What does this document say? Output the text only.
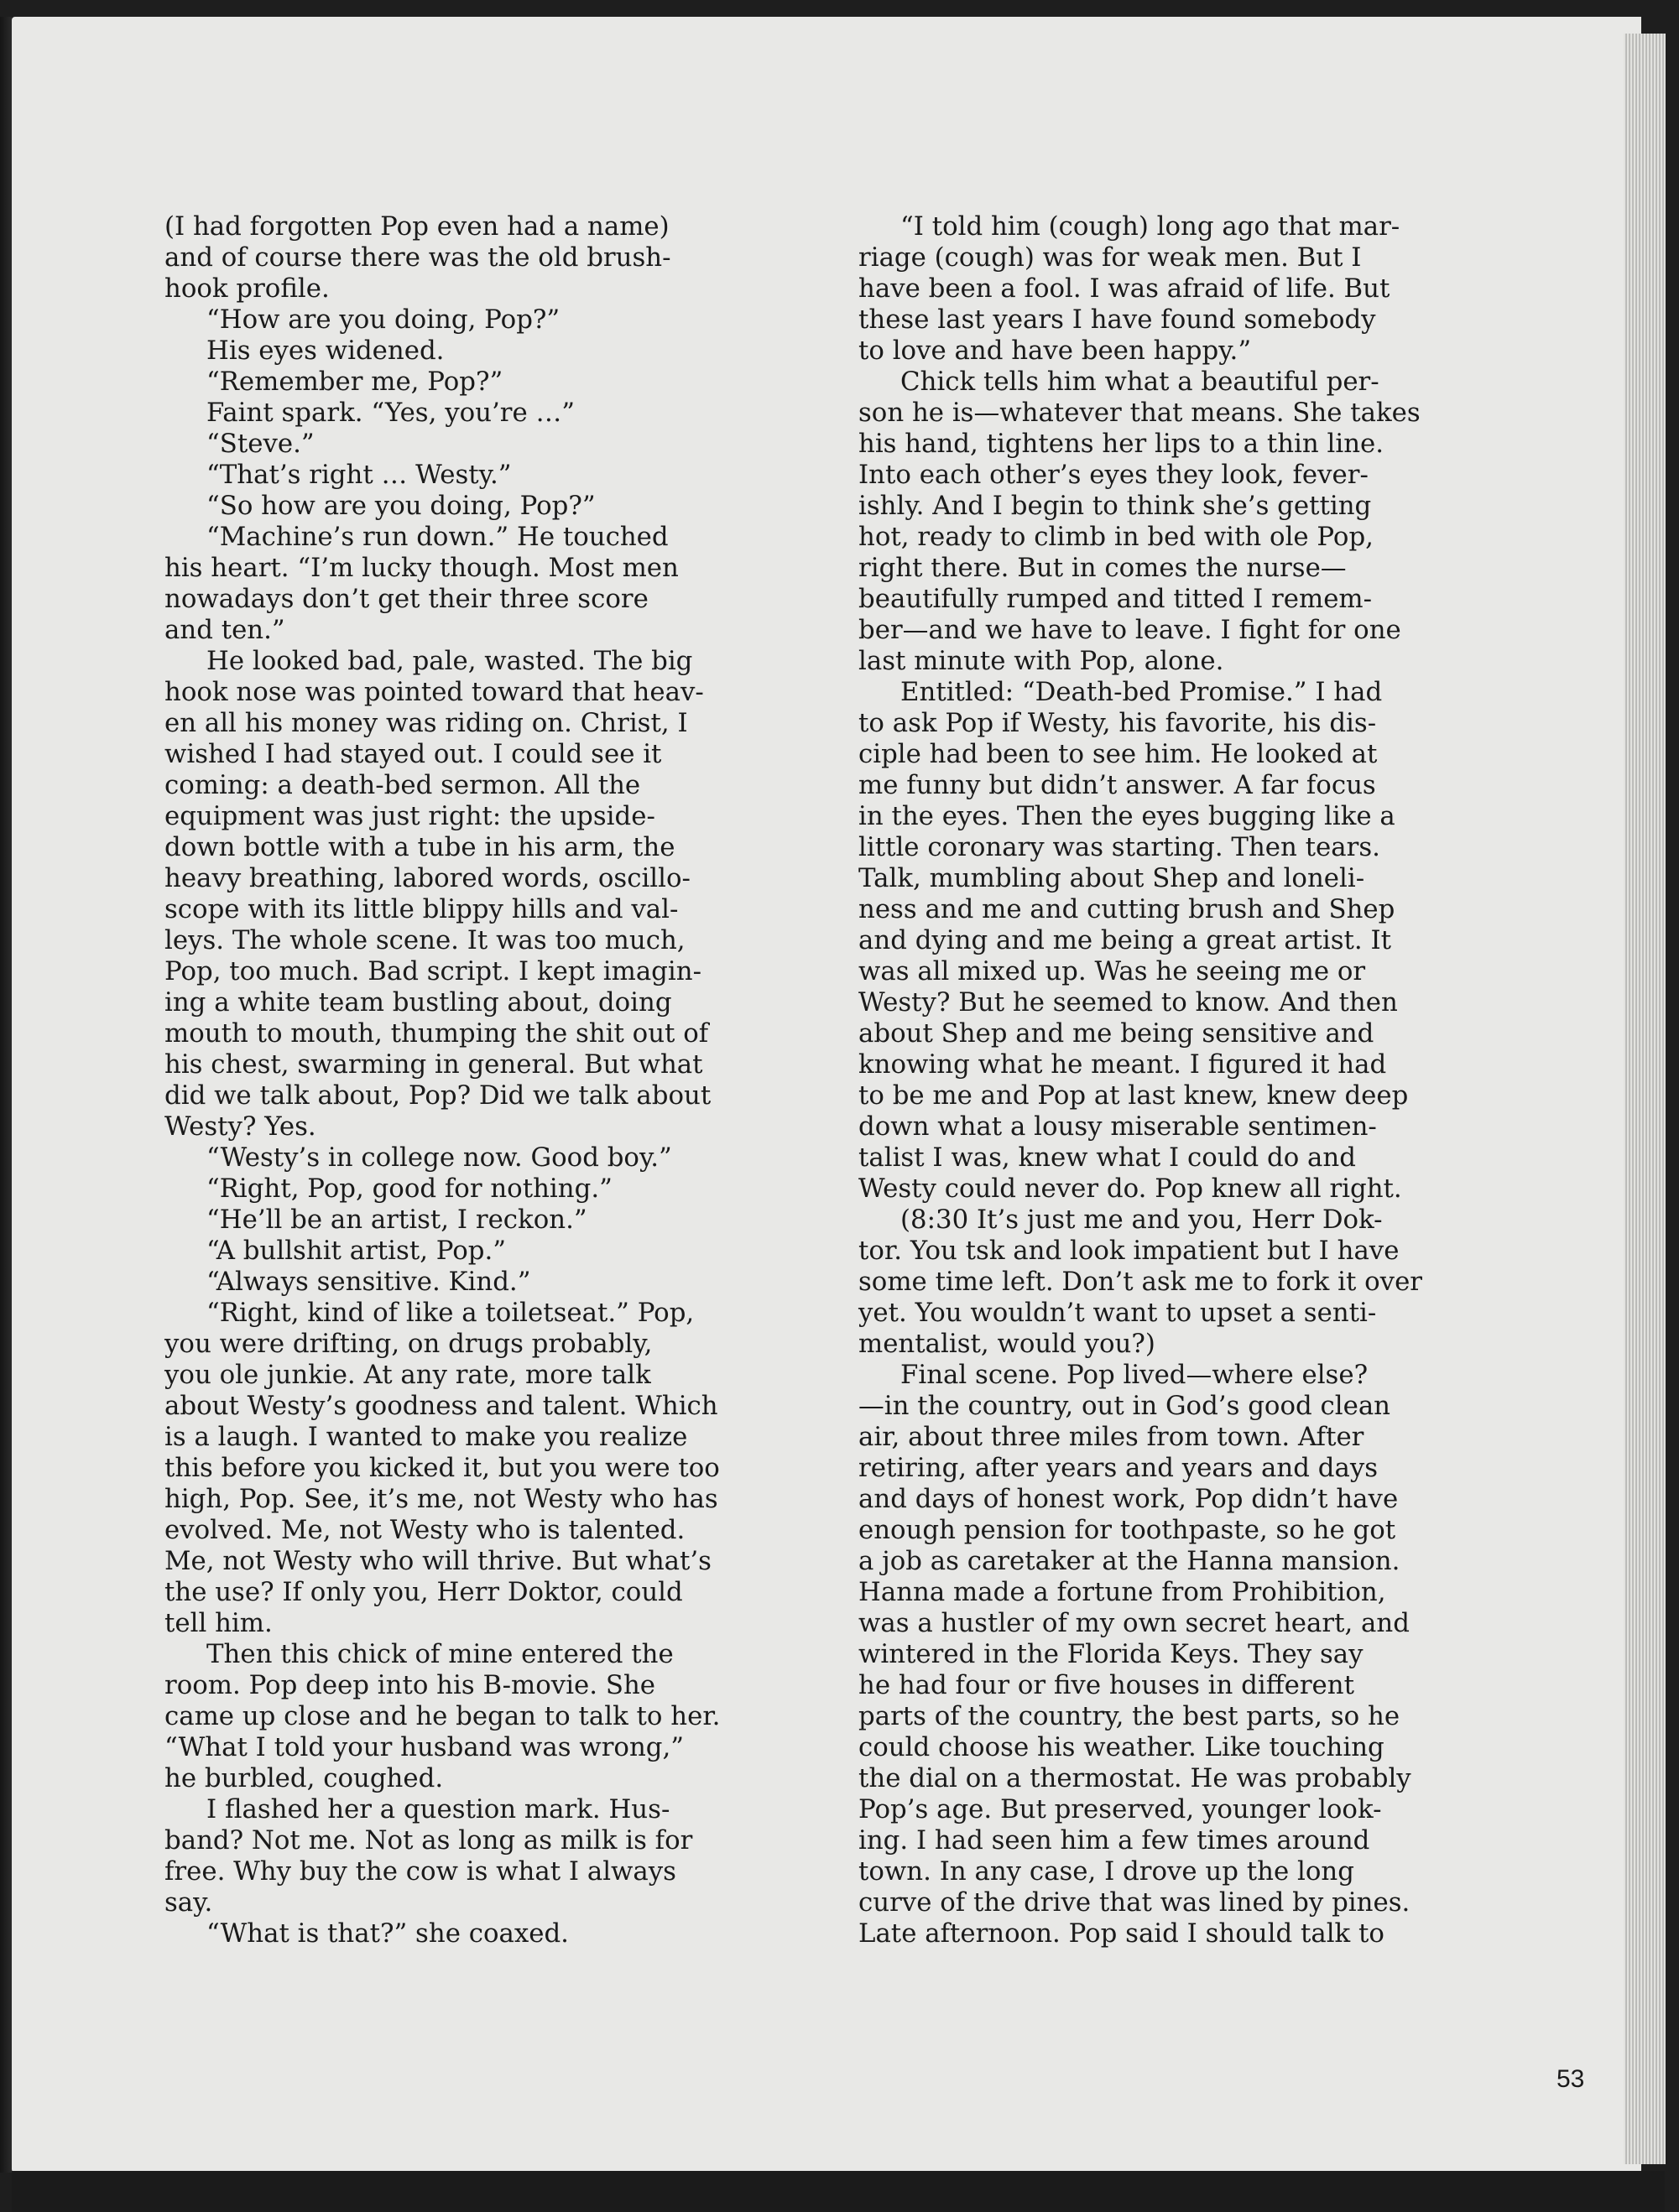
(I had forgotten Pop even had a name)

and of course there was the old brush-

hook profile.

“How are you doing, Pop?”

His eyes widened.

“Remember me, Pop?”

Faint spark. “Yes, you’re …”

“Steve.”

“That’s right … Westy.”

“So how are you doing, Pop?”

“Machine’s run down.” He touched

his heart. “I’m lucky though. Most men

nowadays don’t get their three score

and ten.”

He looked bad, pale, wasted. The big

hook nose was pointed toward that heav-

en all his money was riding on. Christ, I

wished I had stayed out. I could see it

coming: a death-bed sermon. All the

equipment was just right: the upside-

down bottle with a tube in his arm, the

heavy breathing, labored words, oscillo-

scope with its little blippy hills and val-

leys. The whole scene. It was too much,

Pop, too much. Bad script. I kept imagin-

ing a white team bustling about, doing

mouth to mouth, thumping the shit out of

his chest, swarming in general. But what

did we talk about, Pop? Did we talk about

Westy? Yes.

“Westy’s in college now. Good boy.”

“Right, Pop, good for nothing.”

“He’ll be an artist, I reckon.”

“A bullshit artist, Pop.”

“Always sensitive. Kind.”

“Right, kind of like a toiletseat.” Pop,

you were drifting, on drugs probably,

you ole junkie. At any rate, more talk

about Westy’s goodness and talent. Which

is a laugh. I wanted to make you realize

this before you kicked it, but you were too

high, Pop. See, it’s me, not Westy who has

evolved. Me, not Westy who is talented.

Me, not Westy who will thrive. But what’s

the use? If only you, Herr Doktor, could

tell him.

Then this chick of mine entered the

room. Pop deep into his B-movie. She

came up close and he began to talk to her.

“What I told your husband was wrong,”

he burbled, coughed.

I flashed her a question mark. Hus-

band? Not me. Not as long as milk is for

free. Why buy the cow is what I always

say.

“What is that?” she coaxed.

“I told him (cough) long ago that mar-

riage (cough) was for weak men. But I

have been a fool. I was afraid of life. But

these last years I have found somebody

to love and have been happy.”

Chick tells him what a beautiful per-

son he is—whatever that means. She takes

his hand, tightens her lips to a thin line.

Into each other’s eyes they look, fever-

ishly. And I begin to think she’s getting

hot, ready to climb in bed with ole Pop,

right there. But in comes the nurse—

beautifully rumped and titted I remem-

ber—and we have to leave. I fight for one

last minute with Pop, alone.

Entitled: “Death-bed Promise.” I had

to ask Pop if Westy, his favorite, his dis-

ciple had been to see him. He looked at

me funny but didn’t answer. A far focus

in the eyes. Then the eyes bugging like a

little coronary was starting. Then tears.

Talk, mumbling about Shep and loneli-

ness and me and cutting brush and Shep

and dying and me being a great artist. It

was all mixed up. Was he seeing me or

Westy? But he seemed to know. And then

about Shep and me being sensitive and

knowing what he meant. I figured it had

to be me and Pop at last knew, knew deep

down what a lousy miserable sentimen-

talist I was, knew what I could do and

Westy could never do. Pop knew all right.

(8:30 It’s just me and you, Herr Dok-

tor. You tsk and look impatient but I have

some time left. Don’t ask me to fork it over

yet. You wouldn’t want to upset a senti-

mentalist, would you?)

Final scene. Pop lived—where else?

—in the country, out in God’s good clean

air, about three miles from town. After

retiring, after years and years and days

and days of honest work, Pop didn’t have

enough pension for toothpaste, so he got

a job as caretaker at the Hanna mansion.

Hanna made a fortune from Prohibition,

was a hustler of my own secret heart, and

wintered in the Florida Keys. They say

he had four or five houses in different

parts of the country, the best parts, so he

could choose his weather. Like touching

the dial on a thermostat. He was probably

Pop’s age. But preserved, younger look-

ing. I had seen him a few times around

town. In any case, I drove up the long

curve of the drive that was lined by pines.

Late afternoon. Pop said I should talk to

53
